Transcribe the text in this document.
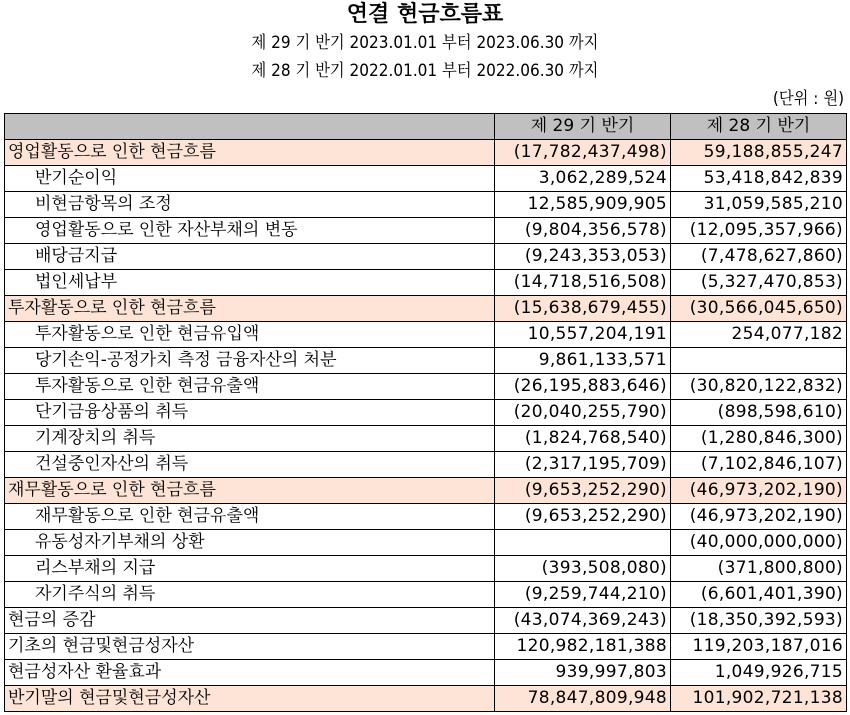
연결 현금흐름표
제 29 기 반기 2023.01.01 부터 2023.06.30 까지
제 28 기 반기 2022.01.01 부터 2022.06.30 까지
(단위 : 원)
	제 29 기 반기	제 28 기 반기
영업활동으로 인한 현금흐름	(17,782,437,498)	59,188,855,247
반기순이익	3,062,289,524	53,418,842,839
비현금항목의 조정	12,585,909,905	31,059,585,210
영업활동으로 인한 자산부채의 변동	(9,804,356,578)	(12,095,357,966)
배당금지급	(9,243,353,053)	(7,478,627,860)
법인세납부	(14,718,516,508)	(5,327,470,853)
투자활동으로 인한 현금흐름	(15,638,679,455)	(30,566,045,650)
투자활동으로 인한 현금유입액	10,557,204,191	254,077,182
당기손익-공정가치 측정 금융자산의 처분	9,861,133,571	
투자활동으로 인한 현금유출액	(26,195,883,646)	(30,820,122,832)
단기금융상품의 취득	(20,040,255,790)	(898,598,610)
기계장치의 취득	(1,824,768,540)	(1,280,846,300)
건설중인자산의 취득	(2,317,195,709)	(7,102,846,107)
재무활동으로 인한 현금흐름	(9,653,252,290)	(46,973,202,190)
재무활동으로 인한 현금유출액	(9,653,252,290)	(46,973,202,190)
유동성자기부채의 상환		(40,000,000,000)
리스부채의 지급	(393,508,080)	(371,800,800)
자기주식의 취득	(9,259,744,210)	(6,601,401,390)
현금의 증감	(43,074,369,243)	(18,350,392,593)
기초의 현금및현금성자산	120,982,181,388	119,203,187,016
현금성자산 환율효과	939,997,803	1,049,926,715
반기말의 현금및현금성자산	78,847,809,948	101,902,721,138
